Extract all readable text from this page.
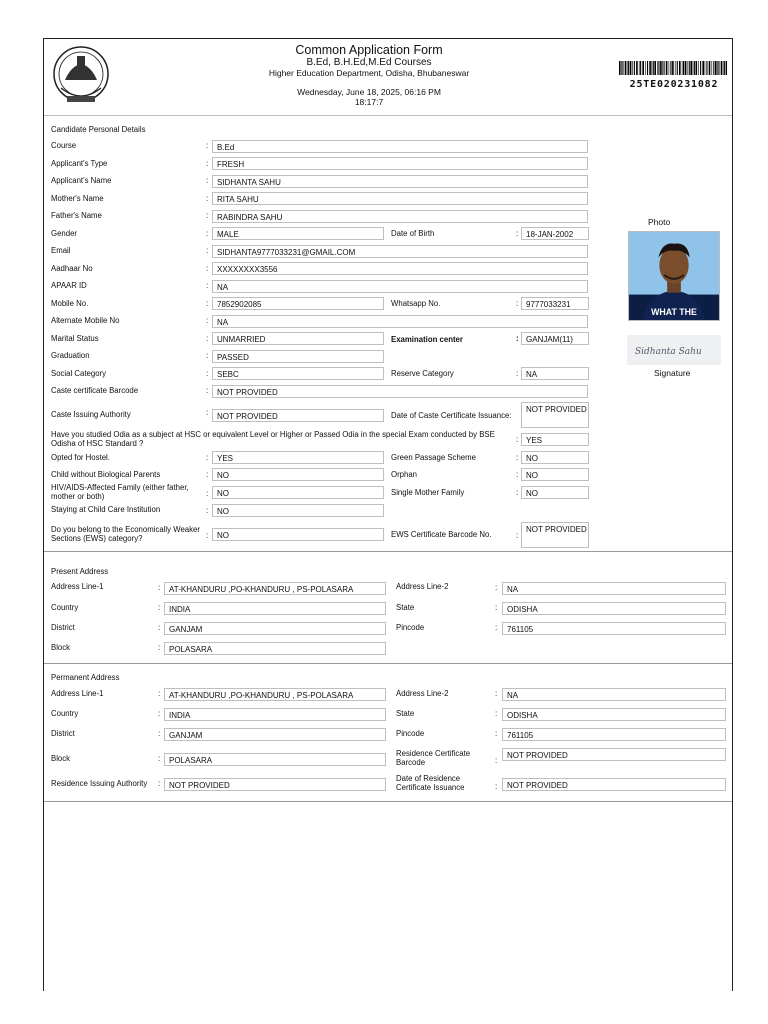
Common Application Form
B.Ed, B.H.Ed,M.Ed Courses
Higher Education Department, Odisha, Bhubaneswar
Wednesday, June 18, 2025, 06:16 PM
18:17:7
25TE020231082
Candidate Personal Details
Photo
WHAT THE
Sidhanta Sahu
Signature
Course	:	B.Ed
Applicant's Type	:	FRESH
Applicant's Name	:	SIDHANTA SAHU
Mother's Name	:	RITA SAHU
Father's Name	:	RABINDRA SAHU
Gender	:	MALE	Date of Birth	: 18-JAN-2002
Email	:	SIDHANTA9777033231@GMAIL.COM
Aadhaar No	:	XXXXXXXX3556
APAAR ID	:	NA
Mobile No.	:	7852902085	Whatsapp No.	: 9777033231
Alternate Mobile No	:	NA
Marital Status	:	UNMARRIED	Examination center	: GANJAM(11)
Graduation	:	PASSED
Social Category	:	SEBC	Reserve Category	: NA
Caste certificate Barcode	:	NOT PROVIDED
Caste Issuing Authority	:	NOT PROVIDED	Date of Caste Certificate Issuance:
NOT PROVIDED
Have you studied Odia as a subject at HSC or equivalent Level or Higher or Passed Odia in the special Exam conducted by BSE Odisha of HSC Standard ?	: YES
Opted for Hostel.	:	YES	Green Passage Scheme	: NO
Child without Biological Parents	:	NO	Orphan	: NO
HIV/AIDS-Affected Family (either father, mother or both)	:	NO	Single Mother Family	: NO
Staying at Child Care Institution	:	NO
Do you belong to the Economically Weaker Sections (EWS) category?	:	NO	EWS Certificate Barcode No.	:
NOT PROVIDED
Present Address
Address Line-1	:	AT-KHANDURU ,PO-KHANDURU , PS-POLASARA	Address Line-2	:	NA
Country	:	INDIA	State	:	ODISHA
District	:	GANJAM	Pincode	:	761105
Block	:	POLASARA
Permanent Address
Address Line-1	:	AT-KHANDURU ,PO-KHANDURU , PS-POLASARA	Address Line-2	:	NA
Country	:	INDIA	State	:	ODISHA
District	:	GANJAM	Pincode	:	761105
Block	:	POLASARA
Residence Certificate Barcode	:
NOT PROVIDED
Residence Issuing Authority :	NOT PROVIDED
Date of Residence Certificate Issuance	:	NOT PROVIDED
